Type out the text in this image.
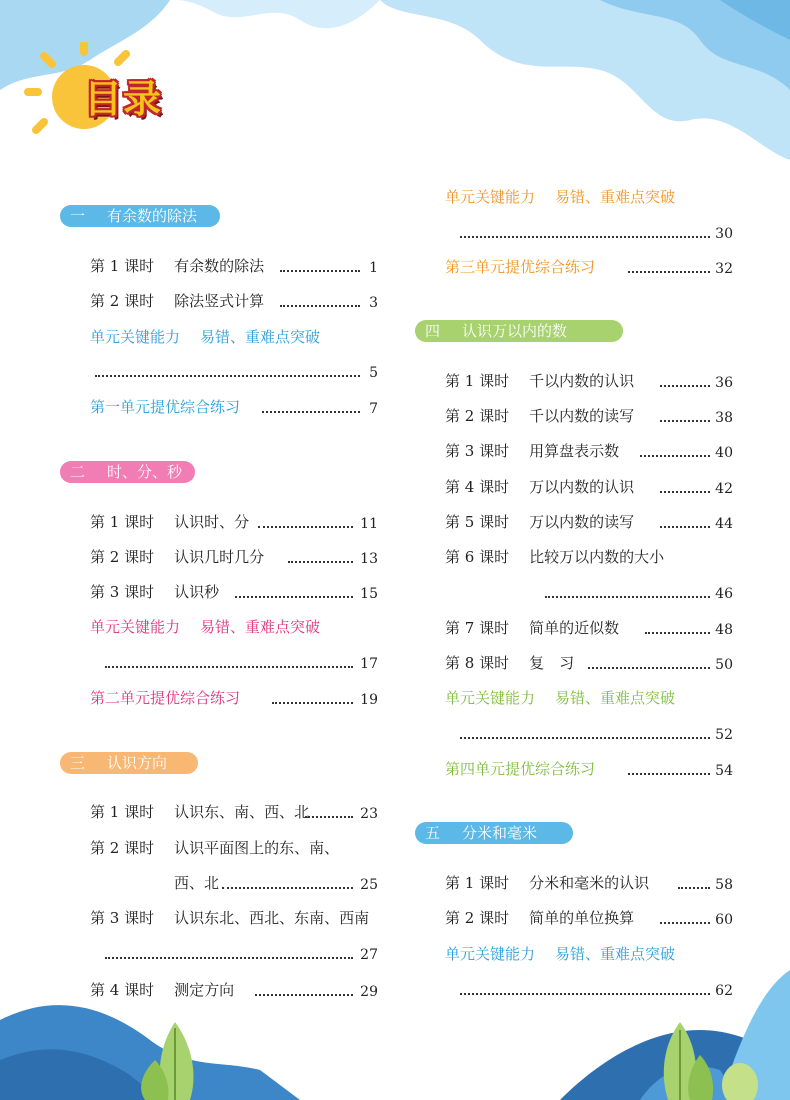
目录
一 有余数的除法
第 1 课时 有余数的除法	1
第 2 课时 除法竖式计算	3
单元关键能力 易错、重难点突破
5
第一单元提优综合练习	7
二 时、分、秒
第 1 课时 认识时、分	11
第 2 课时 认识几时几分	13
第 3 课时 认识秒	15
单元关键能力 易错、重难点突破
17
第二单元提优综合练习	19
三 认识方向
第 1 课时 认识东、南、西、北	23
第 2 课时 认识平面图上的东、南、
西、北	25
第 3 课时 认识东北、西北、东南、西南
27
第 4 课时 测定方向	29
单元关键能力 易错、重难点突破
30
第三单元提优综合练习	32
四 认识万以内的数
第 1 课时 千以内数的认识	36
第 2 课时 千以内数的读写	38
第 3 课时 用算盘表示数	40
第 4 课时 万以内数的认识	42
第 5 课时 万以内数的读写	44
第 6 课时 比较万以内数的大小
46
第 7 课时 简单的近似数	48
第 8 课时 复　习	50
单元关键能力 易错、重难点突破
52
第四单元提优综合练习	54
五 分米和毫米
第 1 课时 分米和毫米的认识	58
第 2 课时 简单的单位换算	60
单元关键能力 易错、重难点突破
62
